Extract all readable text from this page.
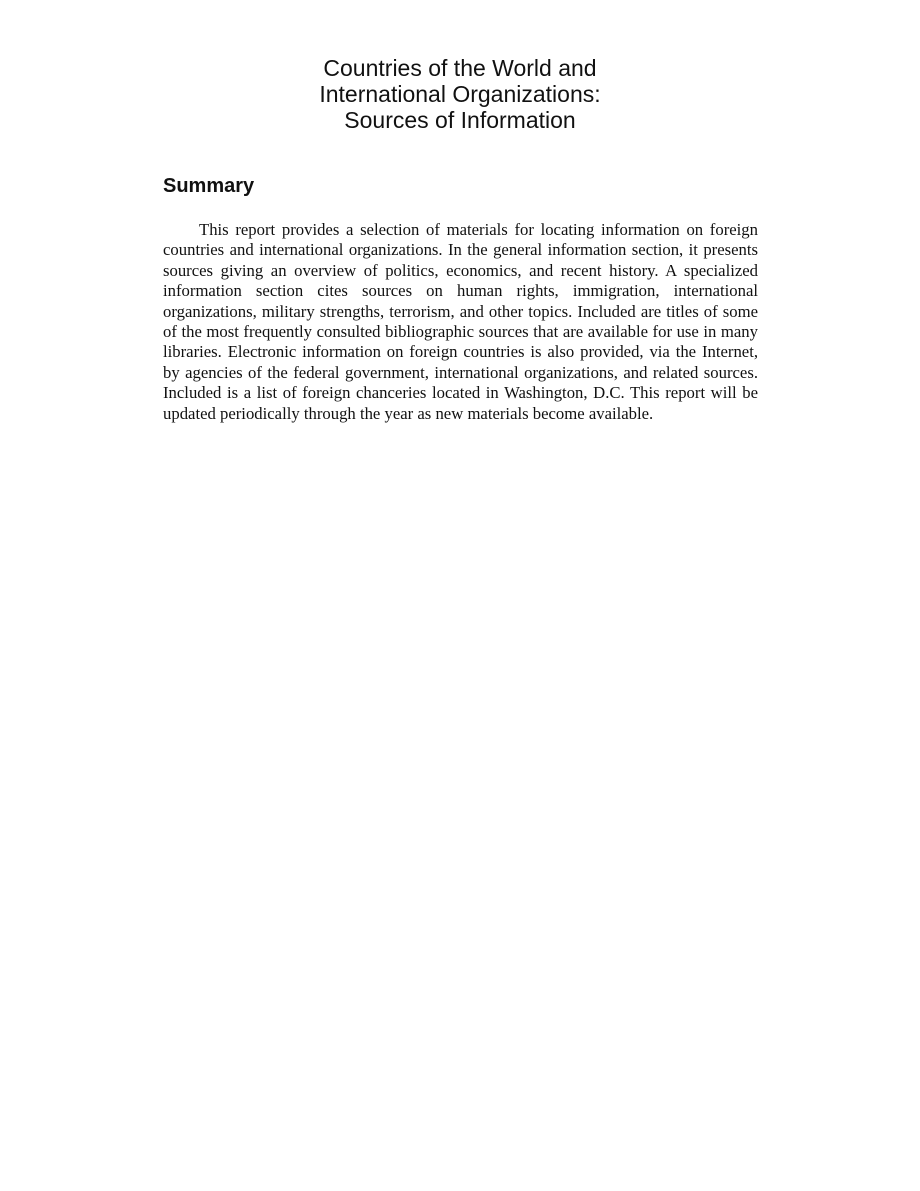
Countries of the World and
International Organizations:
Sources of Information
Summary

This report provides a selection of materials for locating information on foreign countries and international organizations. In the general information section, it presents sources giving an overview of politics, economics, and recent history. A specialized information section cites sources on human rights, immigration, international organizations, military strengths, terrorism, and other topics. Included are titles of some of the most frequently consulted bibliographic sources that are available for use in many libraries. Electronic information on foreign countries is also provided, via the Internet, by agencies of the federal government, international organizations, and related sources. Included is a list of foreign chanceries located in Washington, D.C. This report will be updated periodically through the year as new materials become available.
